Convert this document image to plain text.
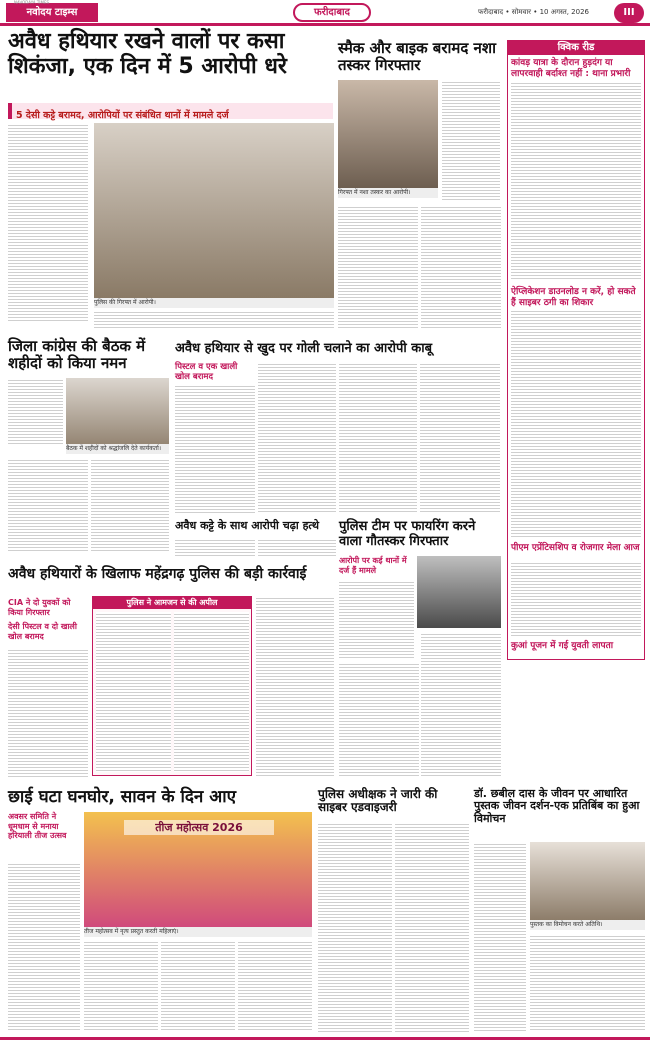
नवोदय टाइम्स
NAVODAYA TIMES
फरीदाबाद	फरीदाबाद • सोमवार • 10 अगस्त, 2026	III
अवैध हथियार रखने वालों पर कसा शिकंजा, एक दिन में 5 आरोपी धरे
5 देसी कट्टे बरामद, आरोपियों पर संबंधित थानों में मामले दर्ज
पुलिस की गिरफ्त में आरोपी।
स्मैक और बाइक बरामद नशा तस्कर गिरफ्तार
गिरफ्त में नशा तस्कर का आरोपी।
क्विक रीड
कांवड़ यात्रा के दौरान हुड़दंग या लापरवाही बर्दाश्त नहीं : थाना प्रभारी
ऐप्लिकेशन डाउनलोड न करें, हो सकते हैं साइबर ठगी का शिकार
पीएम एप्रेंटिसशिप व रोजगार मेला आज
कुआं पूजन में गई युवती लापता
जिला कांग्रेस की बैठक में शहीदों को किया नमन
बैठक में शहीदों को श्रद्धांजलि देते कार्यकर्ता।
अवैध हथियार से खुद पर गोली चलाने का आरोपी काबू
पिस्टल व एक खाली खोल बरामद
अवैध कट्टे के साथ आरोपी चढ़ा हत्थे	पुलिस टीम पर फायरिंग करने वाला गौतस्कर गिरफ्तार
आरोपी पर कई थानों में दर्ज हैं मामले
अवैध हथियारों के खिलाफ महेंद्रगढ़ पुलिस की बड़ी कार्रवाई
CIA ने दो युवकों को किया गिरफ्तार
देसी पिस्टल व दो खाली खोल बरामद
पुलिस ने आमजन से की अपील
छाई घटा घनघोर, सावन के दिन आए
अवसर समिति ने धूमधाम से मनाया हरियाली तीज उत्सव
तीज महोत्सव 2026
तीज महोत्सव में नृत्य प्रस्तुत करती महिलाएं।
पुलिस अधीक्षक ने जारी की साइबर एडवाइजरी
डॉ. छबील दास के जीवन पर आधारित पुस्तक जीवन दर्शन-एक प्रतिबिंब का हुआ विमोचन
पुस्तक का विमोचन करते अतिथि।
